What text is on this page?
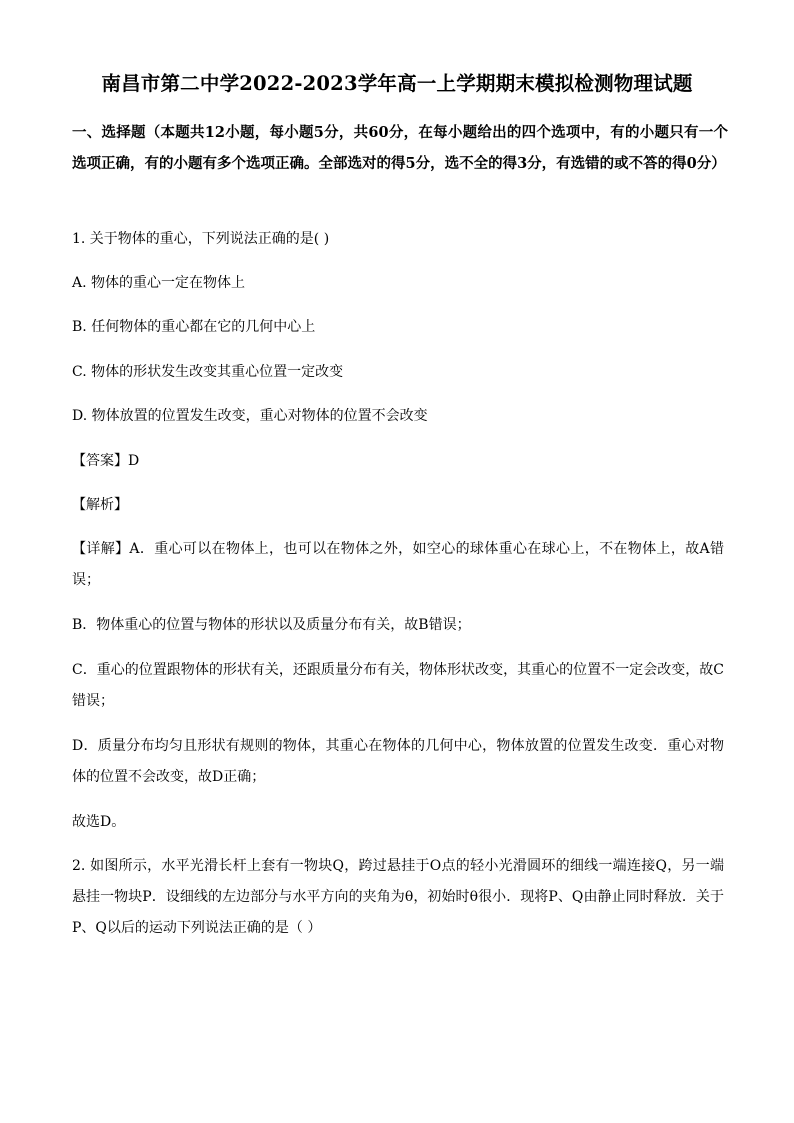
南昌市第二中学2022-2023学年高一上学期期末模拟检测物理试题
一、选择题（本题共12小题，每小题5分，共60分，在每小题给出的四个选项中，有的小题只有一个选项正确，有的小题有多个选项正确。全部选对的得5分，选不全的得3分，有选错的或不答的得0分）
1. 关于物体的重心，下列说法正确的是( )
A. 物体的重心一定在物体上
B. 任何物体的重心都在它的几何中心上
C. 物体的形状发生改变其重心位置一定改变
D. 物体放置的位置发生改变，重心对物体的位置不会改变
【答案】D
【解析】
【详解】A．重心可以在物体上，也可以在物体之外，如空心的球体重心在球心上，不在物体上，故A错误；
B．物体重心的位置与物体的形状以及质量分布有关，故B错误；
C．重心的位置跟物体的形状有关，还跟质量分布有关，物体形状改变，其重心的位置不一定会改变，故C错误；
D．质量分布均匀且形状有规则的物体，其重心在物体的几何中心，物体放置的位置发生改变．重心对物体的位置不会改变，故D正确；
故选D。
2. 如图所示，水平光滑长杆上套有一物块Q，跨过悬挂于O点的轻小光滑圆环的细线一端连接Q，另一端悬挂一物块P．设细线的左边部分与水平方向的夹角为θ，初始时θ很小．现将P、Q由静止同时释放．关于P、Q以后的运动下列说法正确的是（ ）
